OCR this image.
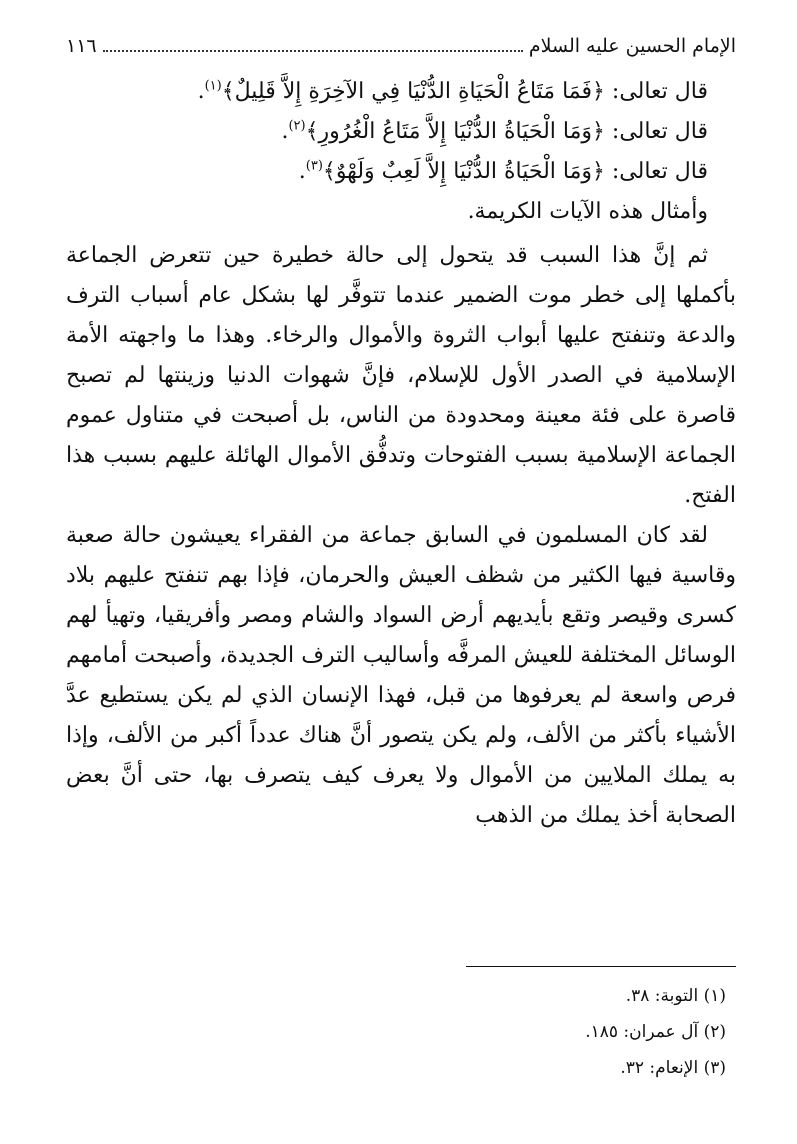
الإمام الحسين عليه السلام
١١٦
قال تعالى: ﴿فَمَا مَتَاعُ الْحَيَاةِ الدُّنْيَا فِي الآخِرَةِ إِلاَّ قَلِيلٌ﴾$^{(١)}$.
قال تعالى: ﴿وَمَا الْحَيَاةُ الدُّنْيَا إِلاَّ مَتَاعُ الْغُرُورِ﴾$^{(٢)}$.
قال تعالى: ﴿وَمَا الْحَيَاةُ الدُّنْيَا إِلاَّ لَعِبٌ وَلَهْوٌ﴾$^{(٣)}$.
وأمثال هذه الآيات الكريمة.

ثم إنَّ هذا السبب قد يتحول إلى حالة خطيرة حين تتعرض الجماعة بأكملها إلى خطر موت الضمير عندما تتوفَّر لها بشكل عام أسباب الترف والدعة وتنفتح عليها أبواب الثروة والأموال والرخاء. وهذا ما واجهته الأمة الإسلامية في الصدر الأول للإسلام، فإنَّ شهوات الدنيا وزينتها لم تصبح قاصرة على فئة معينة ومحدودة من الناس، بل أصبحت في متناول عموم الجماعة الإسلامية بسبب الفتوحات وتدفُّق الأموال الهائلة عليهم بسبب هذا الفتح.

لقد كان المسلمون في السابق جماعة من الفقراء يعيشون حالة صعبة وقاسية فيها الكثير من شظف العيش والحرمان، فإذا بهم تنفتح عليهم بلاد كسرى وقيصر وتقع بأيديهم أرض السواد والشام ومصر وأفريقيا، وتهيأ لهم الوسائل المختلفة للعيش المرفَّه وأساليب الترف الجديدة، وأصبحت أمامهم فرص واسعة لم يعرفوها من قبل، فهذا الإنسان الذي لم يكن يستطيع عدَّ الأشياء بأكثر من الألف، ولم يكن يتصور أنَّ هناك عدداً أكبر من الألف، وإذا به يملك الملايين من الأموال ولا يعرف كيف يتصرف بها، حتى أنَّ بعض الصحابة أخذ يملك من الذهب

(١) التوبة: ٣٨.
(٢) آل عمران: ١٨٥.
(٣) الإنعام: ٣٢.
